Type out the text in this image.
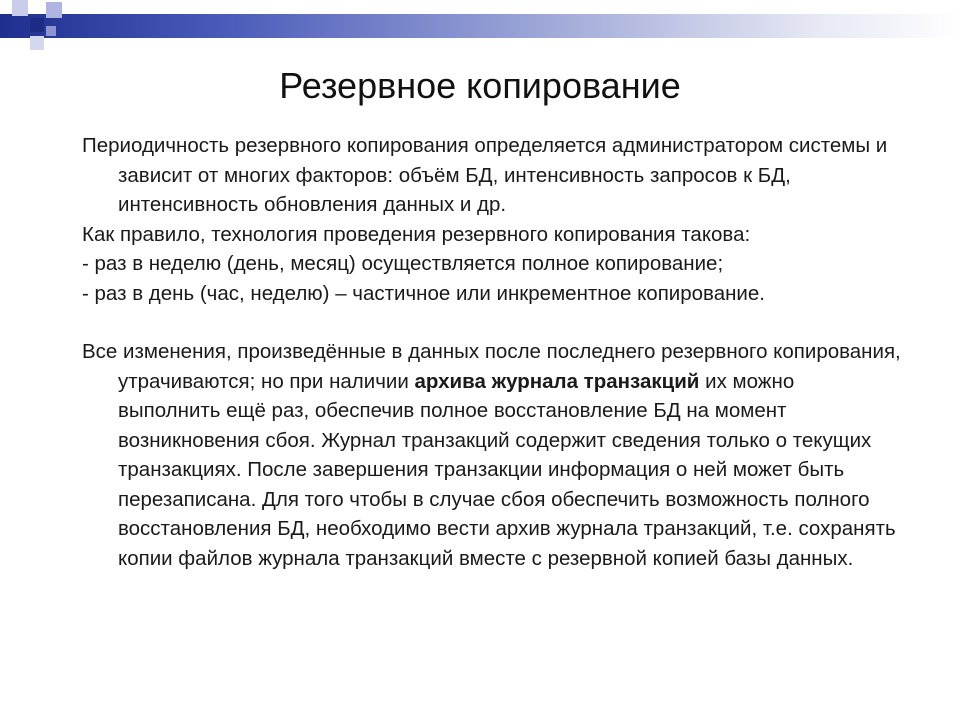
Резервное копирование

Периодичность резервного копирования определяется администратором системы и зависит от многих факторов: объём БД, интенсивность запросов к БД, интенсивность обновления данных и др.

Как правило, технология проведения резервного копирования такова:

- раз в неделю (день, месяц) осуществляется полное копирование;

- раз в день (час, неделю) – частичное или инкрементное копирование.

Все изменения, произведённые в данных после последнего резервного копирования, утрачиваются; но при наличии архива журнала транзакций их можно выполнить ещё раз, обеспечив полное восстановление БД на момент возникновения сбоя. Журнал транзакций содержит сведения только о текущих транзакциях. После завершения транзакции информация о ней может быть перезаписана. Для того чтобы в случае сбоя обеспечить возможность полного восстановления БД, необходимо вести архив журнала транзакций, т.е. сохранять копии файлов журнала транзакций вместе с резервной копией базы данных.
